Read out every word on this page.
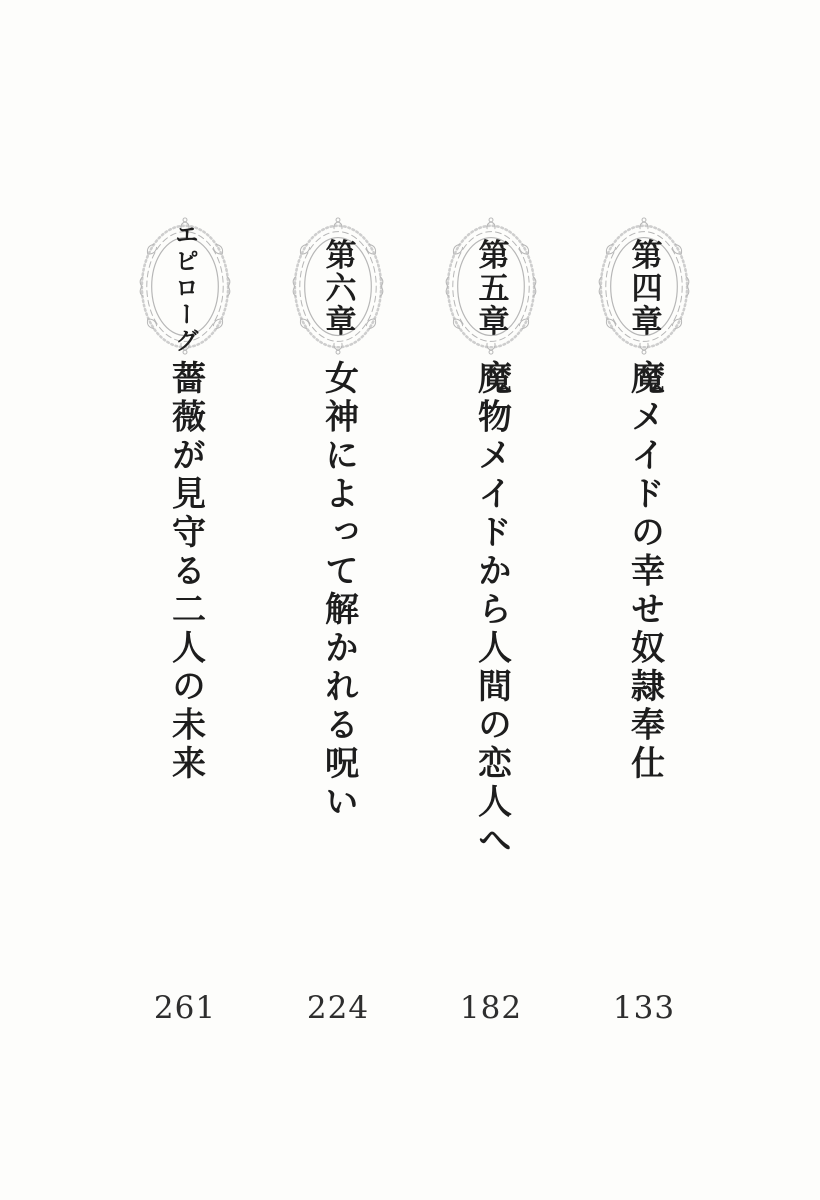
第四章
魔メイドの幸せ奴隷奉仕
133
第五章
魔物メイドから人間の恋人へ
182
第六章
女神によって解かれる呪い
224
エピローグ
薔薇が見守る二人の未来
261
